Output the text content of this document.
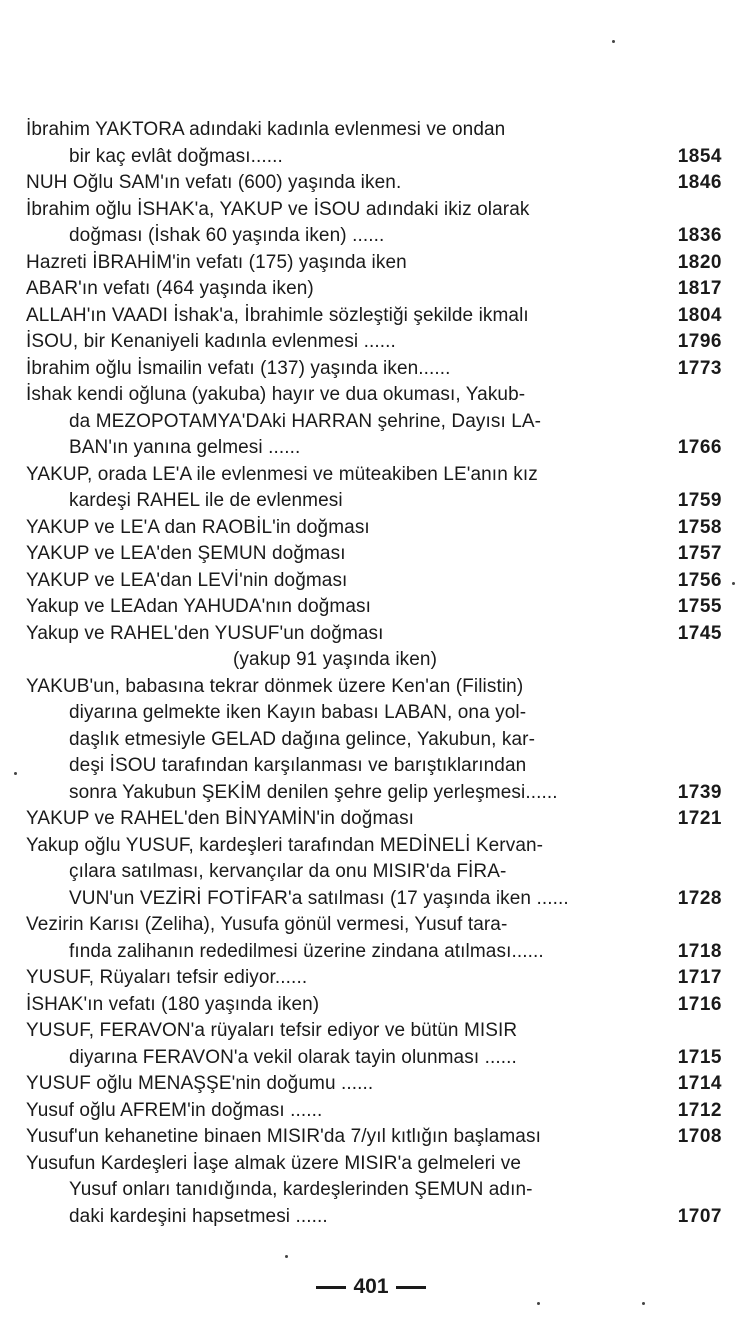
İbrahim YAKTORA adındaki kadınla evlenmesi ve ondan
bir kaç evlât doğması......	1854
NUH Oğlu SAM'ın vefatı (600) yaşında iken.	1846
İbrahim oğlu İSHAK'a, YAKUP ve İSOU adındaki ikiz olarak
doğması (İshak 60 yaşında iken) ......	1836
Hazreti İBRAHİM'in vefatı (175) yaşında iken	1820
ABAR'ın vefatı (464 yaşında iken)	1817
ALLAH'ın VAADI İshak'a, İbrahimle sözleştiği şekilde ikmalı	1804
İSOU, bir Kenaniyeli kadınla evlenmesi ......	1796
İbrahim oğlu İsmailin vefatı (137) yaşında iken......	1773
İshak kendi oğluna (yakuba) hayır ve dua okuması, Yakub-
da MEZOPOTAMYA'DAki HARRAN şehrine, Dayısı LA-
BAN'ın yanına gelmesi ......	1766
YAKUP, orada LE'A ile evlenmesi ve müteakiben LE'anın kız
kardeşi RAHEL ile de evlenmesi	1759
YAKUP ve LE'A dan RAOBİL'in doğması	1758
YAKUP ve LEA'den ŞEMUN doğması	1757
YAKUP ve LEA'dan LEVİ'nin doğması	1756
Yakup ve LEAdan YAHUDA'nın doğması	1755
Yakup ve RAHEL'den YUSUF'un doğması	1745
(yakup 91 yaşında iken)
YAKUB'un, babasına tekrar dönmek üzere Ken'an (Filistin)
diyarına gelmekte iken Kayın babası LABAN, ona yol-
daşlık etmesiyle GELAD dağına gelince, Yakubun, kar-
deşi İSOU tarafından karşılanması ve barıştıklarından
sonra Yakubun ŞEKİM denilen şehre gelip yerleşmesi......	1739
YAKUP ve RAHEL'den BİNYAMİN'in doğması	1721
Yakup oğlu YUSUF, kardeşleri tarafından MEDİNELİ Kervan-
çılara satılması, kervançılar da onu MISIR'da FİRA-
VUN'un VEZİRİ FOTİFAR'a satılması (17 yaşında iken ......	1728
Vezirin Karısı (Zeliha), Yusufa gönül vermesi, Yusuf tara-
fında zalihanın rededilmesi üzerine zindana atılması......	1718
YUSUF, Rüyaları tefsir ediyor......	1717
İSHAK'ın vefatı (180 yaşında iken)	1716
YUSUF, FERAVON'a rüyaları tefsir ediyor ve bütün MISIR
diyarına FERAVON'a vekil olarak tayin olunması ......	1715
YUSUF oğlu MENAŞŞE'nin doğumu ......	1714
Yusuf oğlu AFREM'in doğması ......	1712
Yusuf'un kehanetine binaen MISIR'da 7/yıl kıtlığın başlaması	1708
Yusufun Kardeşleri İaşe almak üzere MISIR'a gelmeleri ve
Yusuf onları tanıdığında, kardeşlerinden ŞEMUN adın-
daki kardeşini hapsetmesi ......	1707
401
